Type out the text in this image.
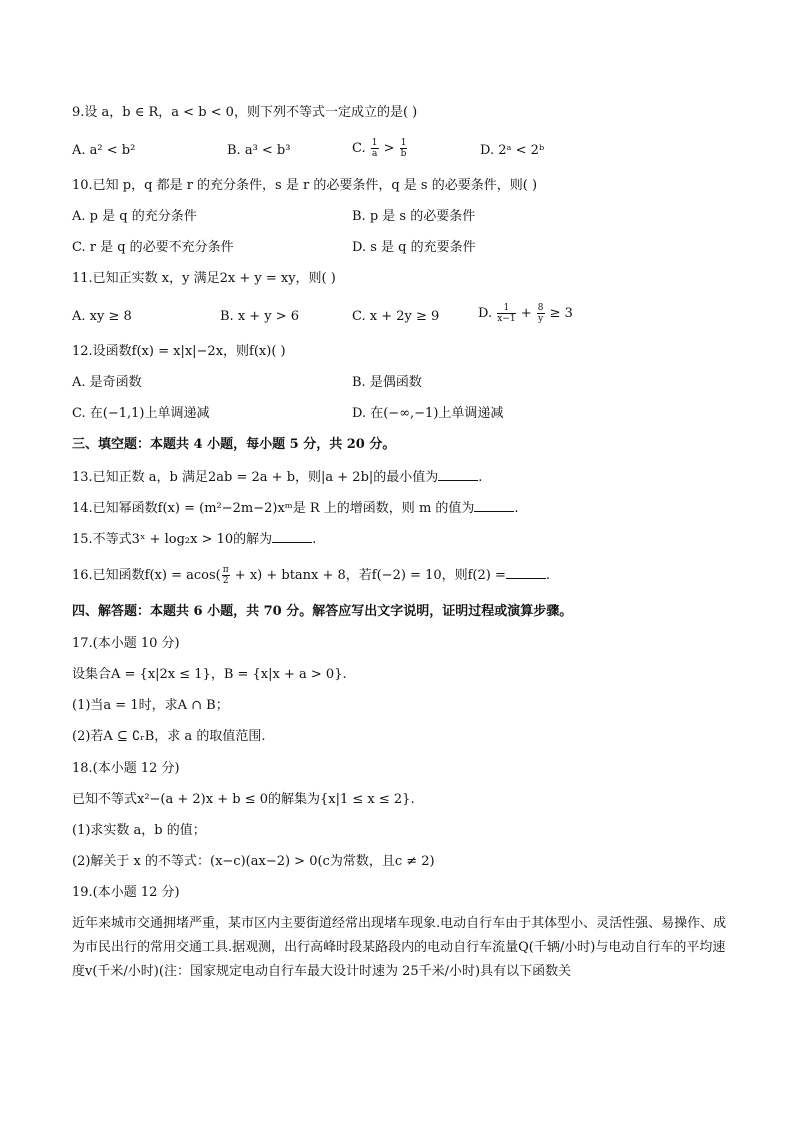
9.设 a，b ∈ R，a < b < 0，则下列不等式一定成立的是( )
A. a² < b²	B. a³ < b³	C. $\frac{1}{a} > \frac{1}{b}$	D. 2ᵃ < 2ᵇ
10.已知 p，q 都是 r 的充分条件，s 是 r 的必要条件，q 是 s 的必要条件，则( )
A. p 是 q 的充分条件	B. p 是 s 的必要条件
C. r 是 q 的必要不充分条件	D. s 是 q 的充要条件
11.已知正实数 x，y 满足2x + y = xy，则( )
A. xy ≥ 8	B. x + y > 6	C. x + 2y ≥ 9	D. $\frac{1}{x-1} + \frac{8}{y} \ge 3$
12.设函数f(x) = x|x|−2x，则f(x)( )
A. 是奇函数	B. 是偶函数
C. 在(−1,1)上单调递减	D. 在(−∞,−1)上单调递减
三、填空题：本题共 4 小题，每小题 5 分，共 20 分。
13.已知正数 a，b 满足2ab = 2a + b，则|a + 2b|的最小值为	.
14.已知幂函数f(x) = (m²−2m−2)xᵐ是 R 上的增函数，则 m 的值为	.
15.不等式3ˣ + log₂x > 10的解为	.
16.已知函数$f(x) = acos( \frac{\pi}{2} + x) + btanx + 8$，若f(−2) = 10，则f(2) =	.
四、解答题：本题共 6 小题，共 70 分。解答应写出文字说明，证明过程或演算步骤。
17.(本小题 10 分)
设集合A = {x|2x ≤ 1}，B = {x|x + a > 0}.
(1)当a = 1时，求A ∩ B；
(2)若A ⊆ ∁ᵣB，求 a 的取值范围.
18.(本小题 12 分)
已知不等式x²−(a + 2)x + b ≤ 0的解集为{x|1 ≤ x ≤ 2}.
(1)求实数 a，b 的值；
(2)解关于 x 的不等式：(x−c)(ax−2) > 0(c为常数，且c ≠ 2)
19.(本小题 12 分)
近年来城市交通拥堵严重，某市区内主要街道经常出现堵车现象.电动自行车由于其体型小、灵活性强、易操作、成为市民出行的常用交通工具.据观测，出行高峰时段某路段内的电动自行车流量Q(千辆/小时)与电动自行车的平均速度v(千米/小时)(注：国家规定电动自行车最大设计时速为 25千米/小时)具有以下函数关
